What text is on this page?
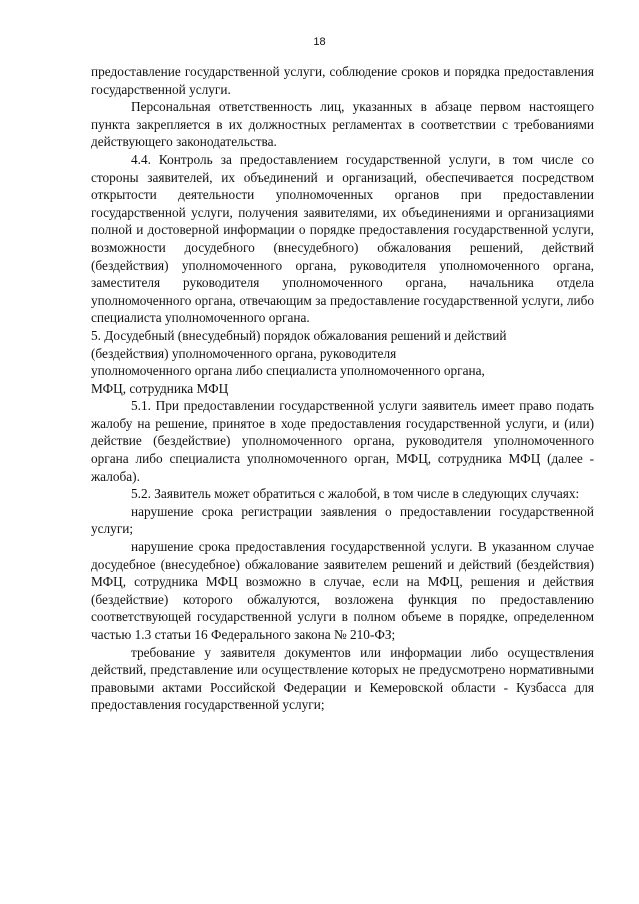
18

предоставление государственной услуги, соблюдение сроков и порядка предоставления государственной услуги.

Персональная ответственность лиц, указанных в абзаце первом настоящего пункта закрепляется в их должностных регламентах в соответствии с требованиями действующего законодательства.

4.4. Контроль за предоставлением государственной услуги, в том числе со стороны заявителей, их объединений и организаций, обеспечивается посредством открытости деятельности уполномоченных органов при предоставлении государственной услуги, получения заявителями, их объединениями и организациями полной и достоверной информации о порядке предоставления государственной услуги, возможности досудебного (внесудебного) обжалования решений, действий (бездействия) уполномоченного органа, руководителя уполномоченного органа, заместителя руководителя уполномоченного органа, начальника отдела уполномоченного органа, отвечающим за предоставление государственной услуги, либо специалиста уполномоченного органа.

5. Досудебный (внесудебный) порядок обжалования решений и действий
(бездействия) уполномоченного органа, руководителя
уполномоченного органа либо специалиста уполномоченного органа,
МФЦ, сотрудника МФЦ

5.1. При предоставлении государственной услуги заявитель имеет право подать жалобу на решение, принятое в ходе предоставления государственной услуги, и (или) действие (бездействие) уполномоченного органа, руководителя уполномоченного органа либо специалиста уполномоченного орган, МФЦ, сотрудника МФЦ (далее - жалоба).

5.2. Заявитель может обратиться с жалобой, в том числе в следующих случаях:

нарушение срока регистрации заявления о предоставлении государственной услуги;

нарушение срока предоставления государственной услуги. В указанном случае досудебное (внесудебное) обжалование заявителем решений и действий (бездействия) МФЦ, сотрудника МФЦ возможно в случае, если на МФЦ, решения и действия (бездействие) которого обжалуются, возложена функция по предоставлению соответствующей государственной услуги в полном объеме в порядке, определенном частью 1.3 статьи 16 Федерального закона № 210-ФЗ;

требование у заявителя документов или информации либо осуществления действий, представление или осуществление которых не предусмотрено нормативными правовыми актами Российской Федерации и Кемеровской области - Кузбасса для предоставления государственной услуги;
